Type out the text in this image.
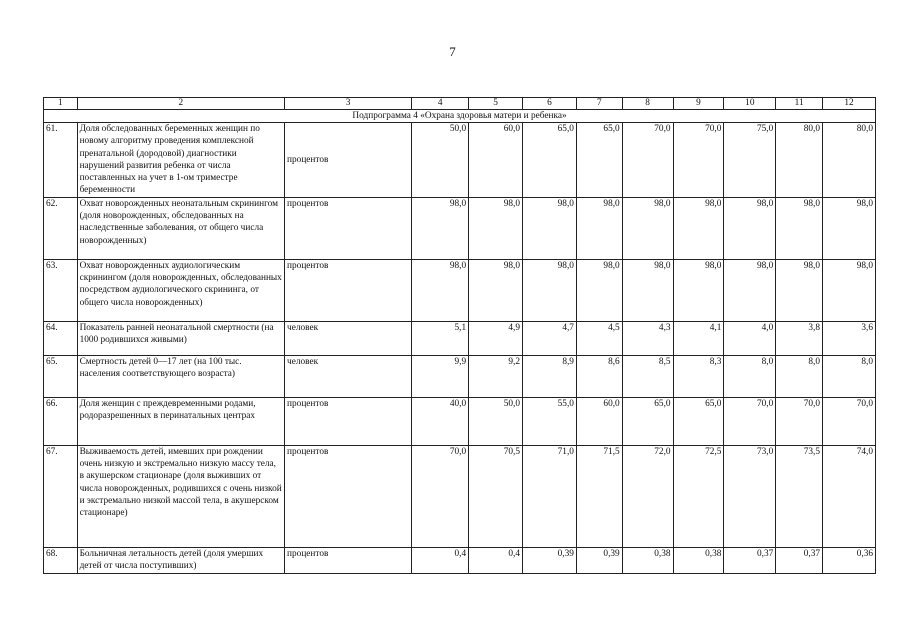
7
1	2	3	4	5	6	7	8	9	10	11	12
Подпрограмма 4 «Охрана здоровья матери и ребенка»											
61.	Доля обследованных беременных женщин по новому алгоритму проведения комплексной пренатальной (дородовой) диагностики нарушений развития ребенка от числа поставленных на учет в 1-ом триместре беременности	процентов	50,0	60,0	65,0	65,0	70,0	70,0	75,0	80,0	80,0
62.	Охват новорожденных неонатальным скринингом (доля новорожденных, обследованных на наследственные заболевания, от общего числа новорожденных)	процентов	98,0	98,0	98,0	98,0	98,0	98,0	98,0	98,0	98,0
63.	Охват новорожденных аудиологическим скринингом (доля новорожденных, обследованных посредством аудиологического скрининга, от общего числа новорожденных)	процентов	98,0	98,0	98,0	98,0	98,0	98,0	98,0	98,0	98,0
64.	Показатель ранней неонатальной смертности (на 1000 родившихся живыми)	человек	5,1	4,9	4,7	4,5	4,3	4,1	4,0	3,8	3,6
65.	Смертность детей 0—17 лет (на 100 тыс. населения соответствующего возраста)	человек	9,9	9,2	8,9	8,6	8,5	8,3	8,0	8,0	8,0
66.	Доля женщин с преждевременными родами, родоразрешенных в перинатальных центрах	процентов	40,0	50,0	55,0	60,0	65,0	65,0	70,0	70,0	70,0
67.	Выживаемость детей, имевших при рождении очень низкую и экстремально низкую массу тела, в акушерском стационаре (доля выживших от числа новорожденных, родившихся с очень низкой и экстремально низкой массой тела, в акушерском стационаре)	процентов	70,0	70,5	71,0	71,5	72,0	72,5	73,0	73,5	74,0
68.	Больничная летальность детей (доля умерших детей от числа поступивших)	процентов	0,4	0,4	0,39	0,39	0,38	0,38	0,37	0,37	0,36
